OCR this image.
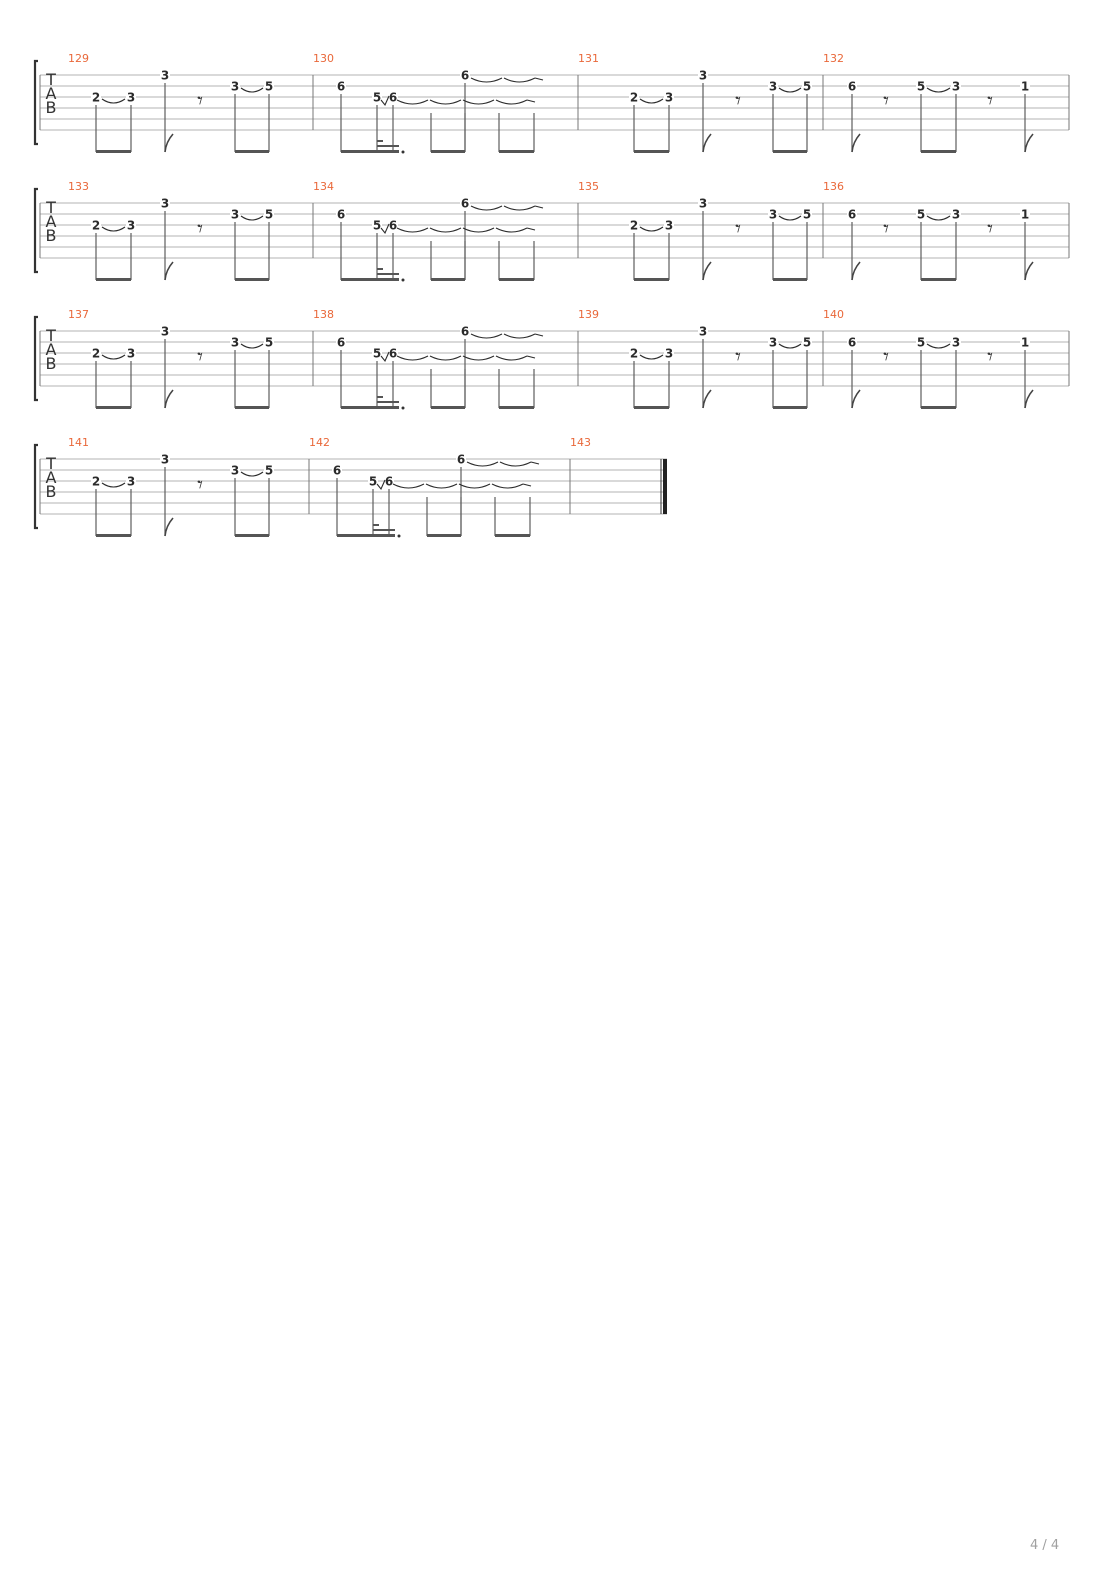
T
A
B
129
2 3
3
𝄾
3 5
130
6
5 6
6
131
2 3
3
𝄾
3 5
132
6
𝄾
5 3
𝄾
1
T
A
B
133
2 3
3
𝄾
3 5
134
6
5 6
6
135
2 3
3
𝄾
3 5
136
6
𝄾
5 3
𝄾
1
T
A
B
137
2 3
3
𝄾
3 5
138
6
5 6
6
139
2 3
3
𝄾
3 5
140
6
𝄾
5 3
𝄾
1
T
A
B
141
2 3
3
𝄾
3 5
142
6
5 6
6
143
4 / 4
